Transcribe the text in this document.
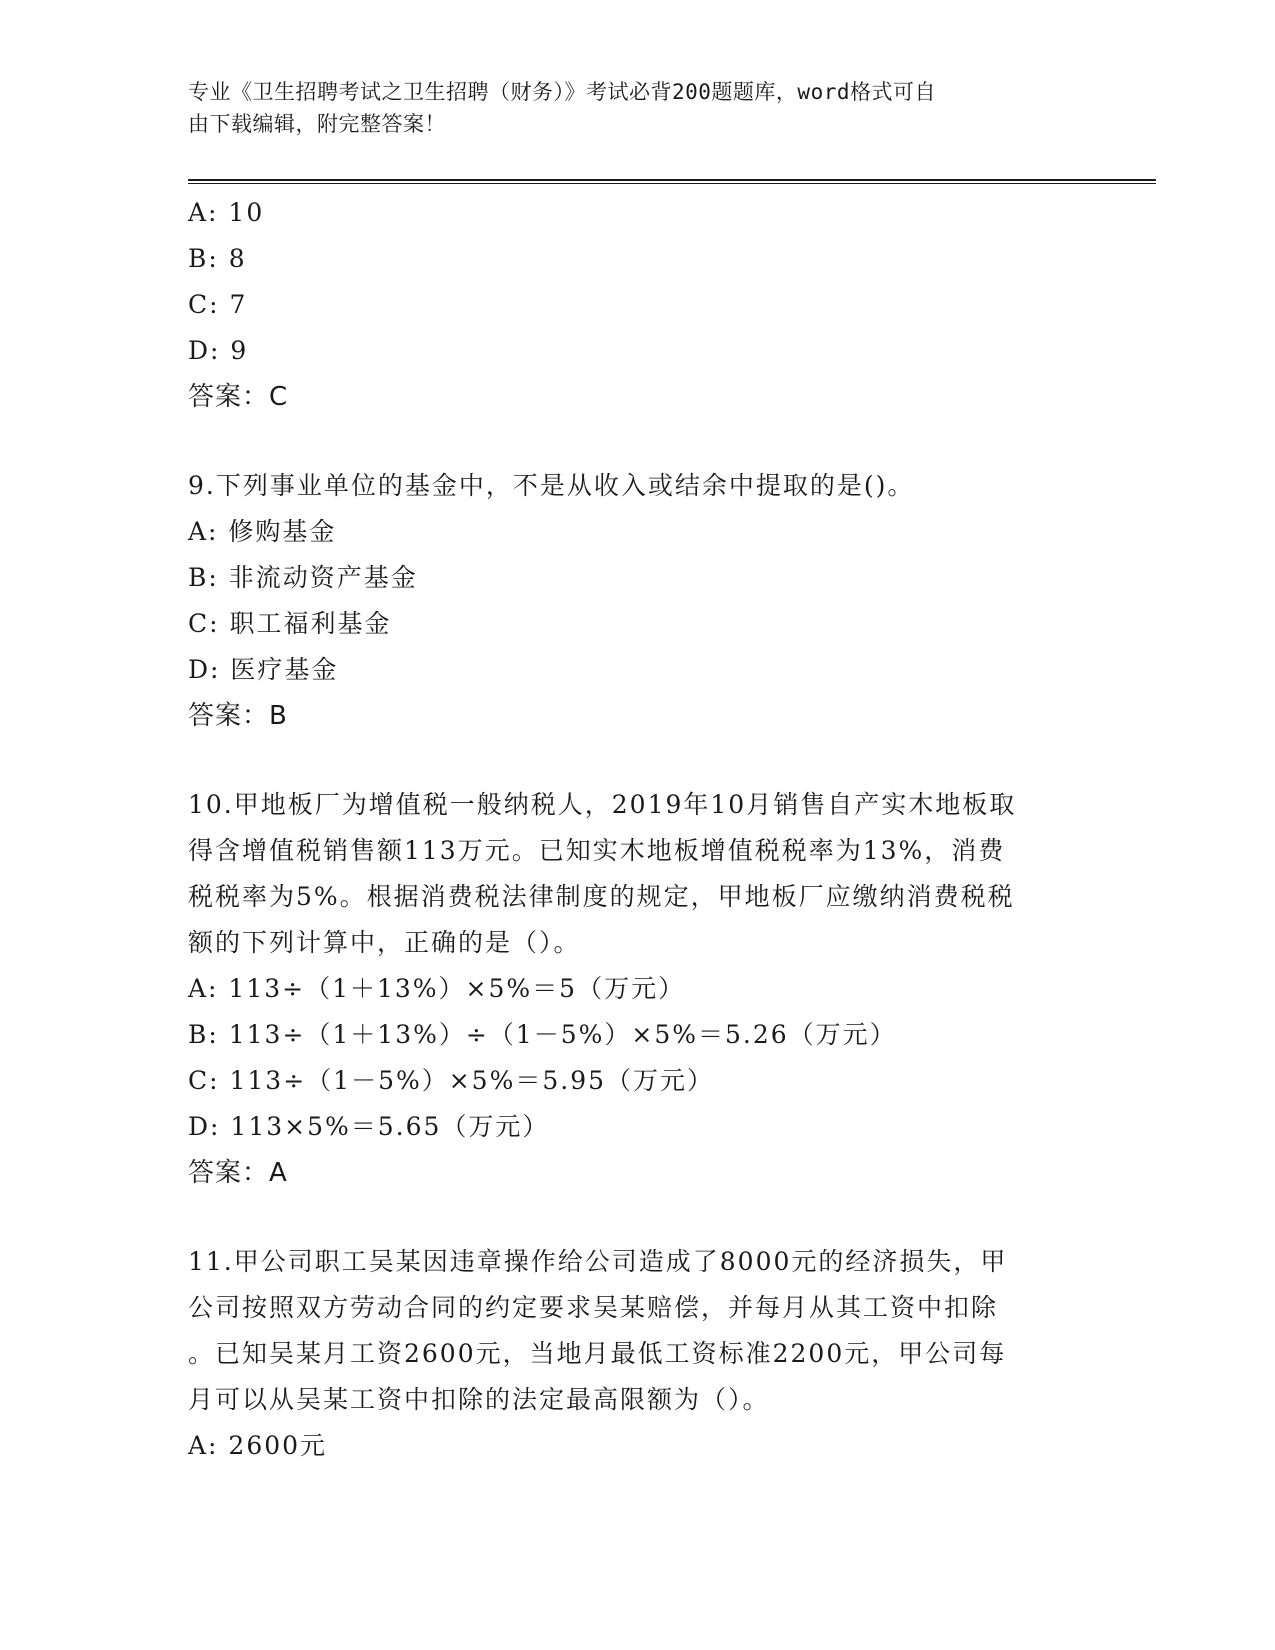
专业《卫生招聘考试之卫生招聘（财务）》考试必背200题题库，word格式可自
由下载编辑，附完整答案！
A: 10
B: 8
C: 7
D: 9
答案：C
9.下列事业单位的基金中，不是从收入或结余中提取的是()。
A: 修购基金
B: 非流动资产基金
C: 职工福利基金
D: 医疗基金
答案：B
10.甲地板厂为增值税一般纳税人，2019年10月销售自产实木地板取
得含增值税销售额113万元。已知实木地板增值税税率为13%，消费
税税率为5%。根据消费税法律制度的规定，甲地板厂应缴纳消费税税
额的下列计算中，正确的是（）。
A: 113÷（1＋13%）×5%＝5（万元）
B: 113÷（1＋13%）÷（1－5%）×5%＝5.26（万元）
C: 113÷（1－5%）×5%＝5.95（万元）
D: 113×5%＝5.65（万元）
答案：A
11.甲公司职工吴某因违章操作给公司造成了8000元的经济损失，甲
公司按照双方劳动合同的约定要求吴某赔偿，并每月从其工资中扣除
。已知吴某月工资2600元，当地月最低工资标准2200元，甲公司每
月可以从吴某工资中扣除的法定最高限额为（）。
A: 2600元
